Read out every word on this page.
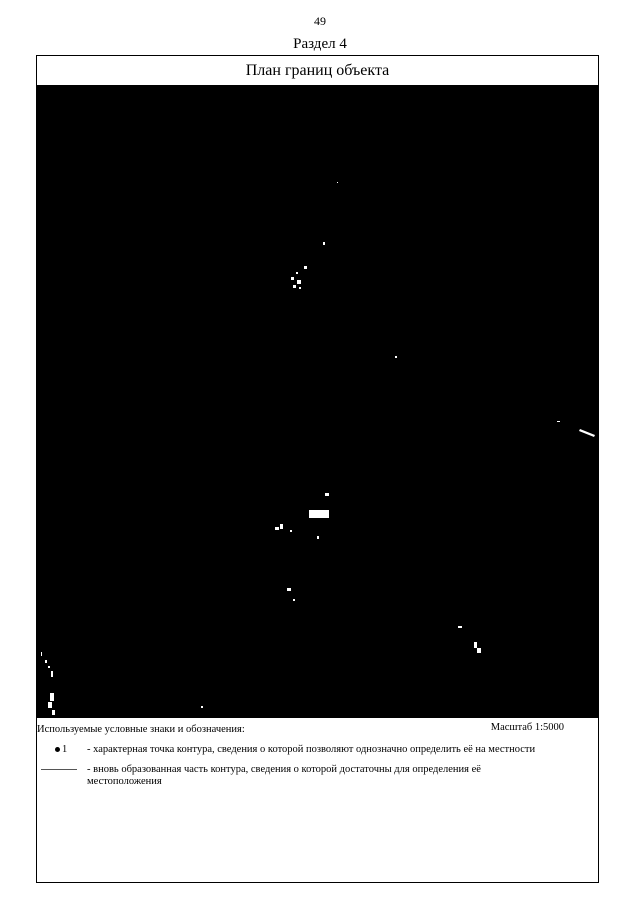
49
Раздел 4
План границ объекта
Используемые условные знаки и обозначения:	Масштаб 1:5000
1 - характерная точка контура, сведения о которой позволяют однозначно определить её на местности
- вновь образованная часть контура, сведения о которой достаточны для определения её
местоположения
